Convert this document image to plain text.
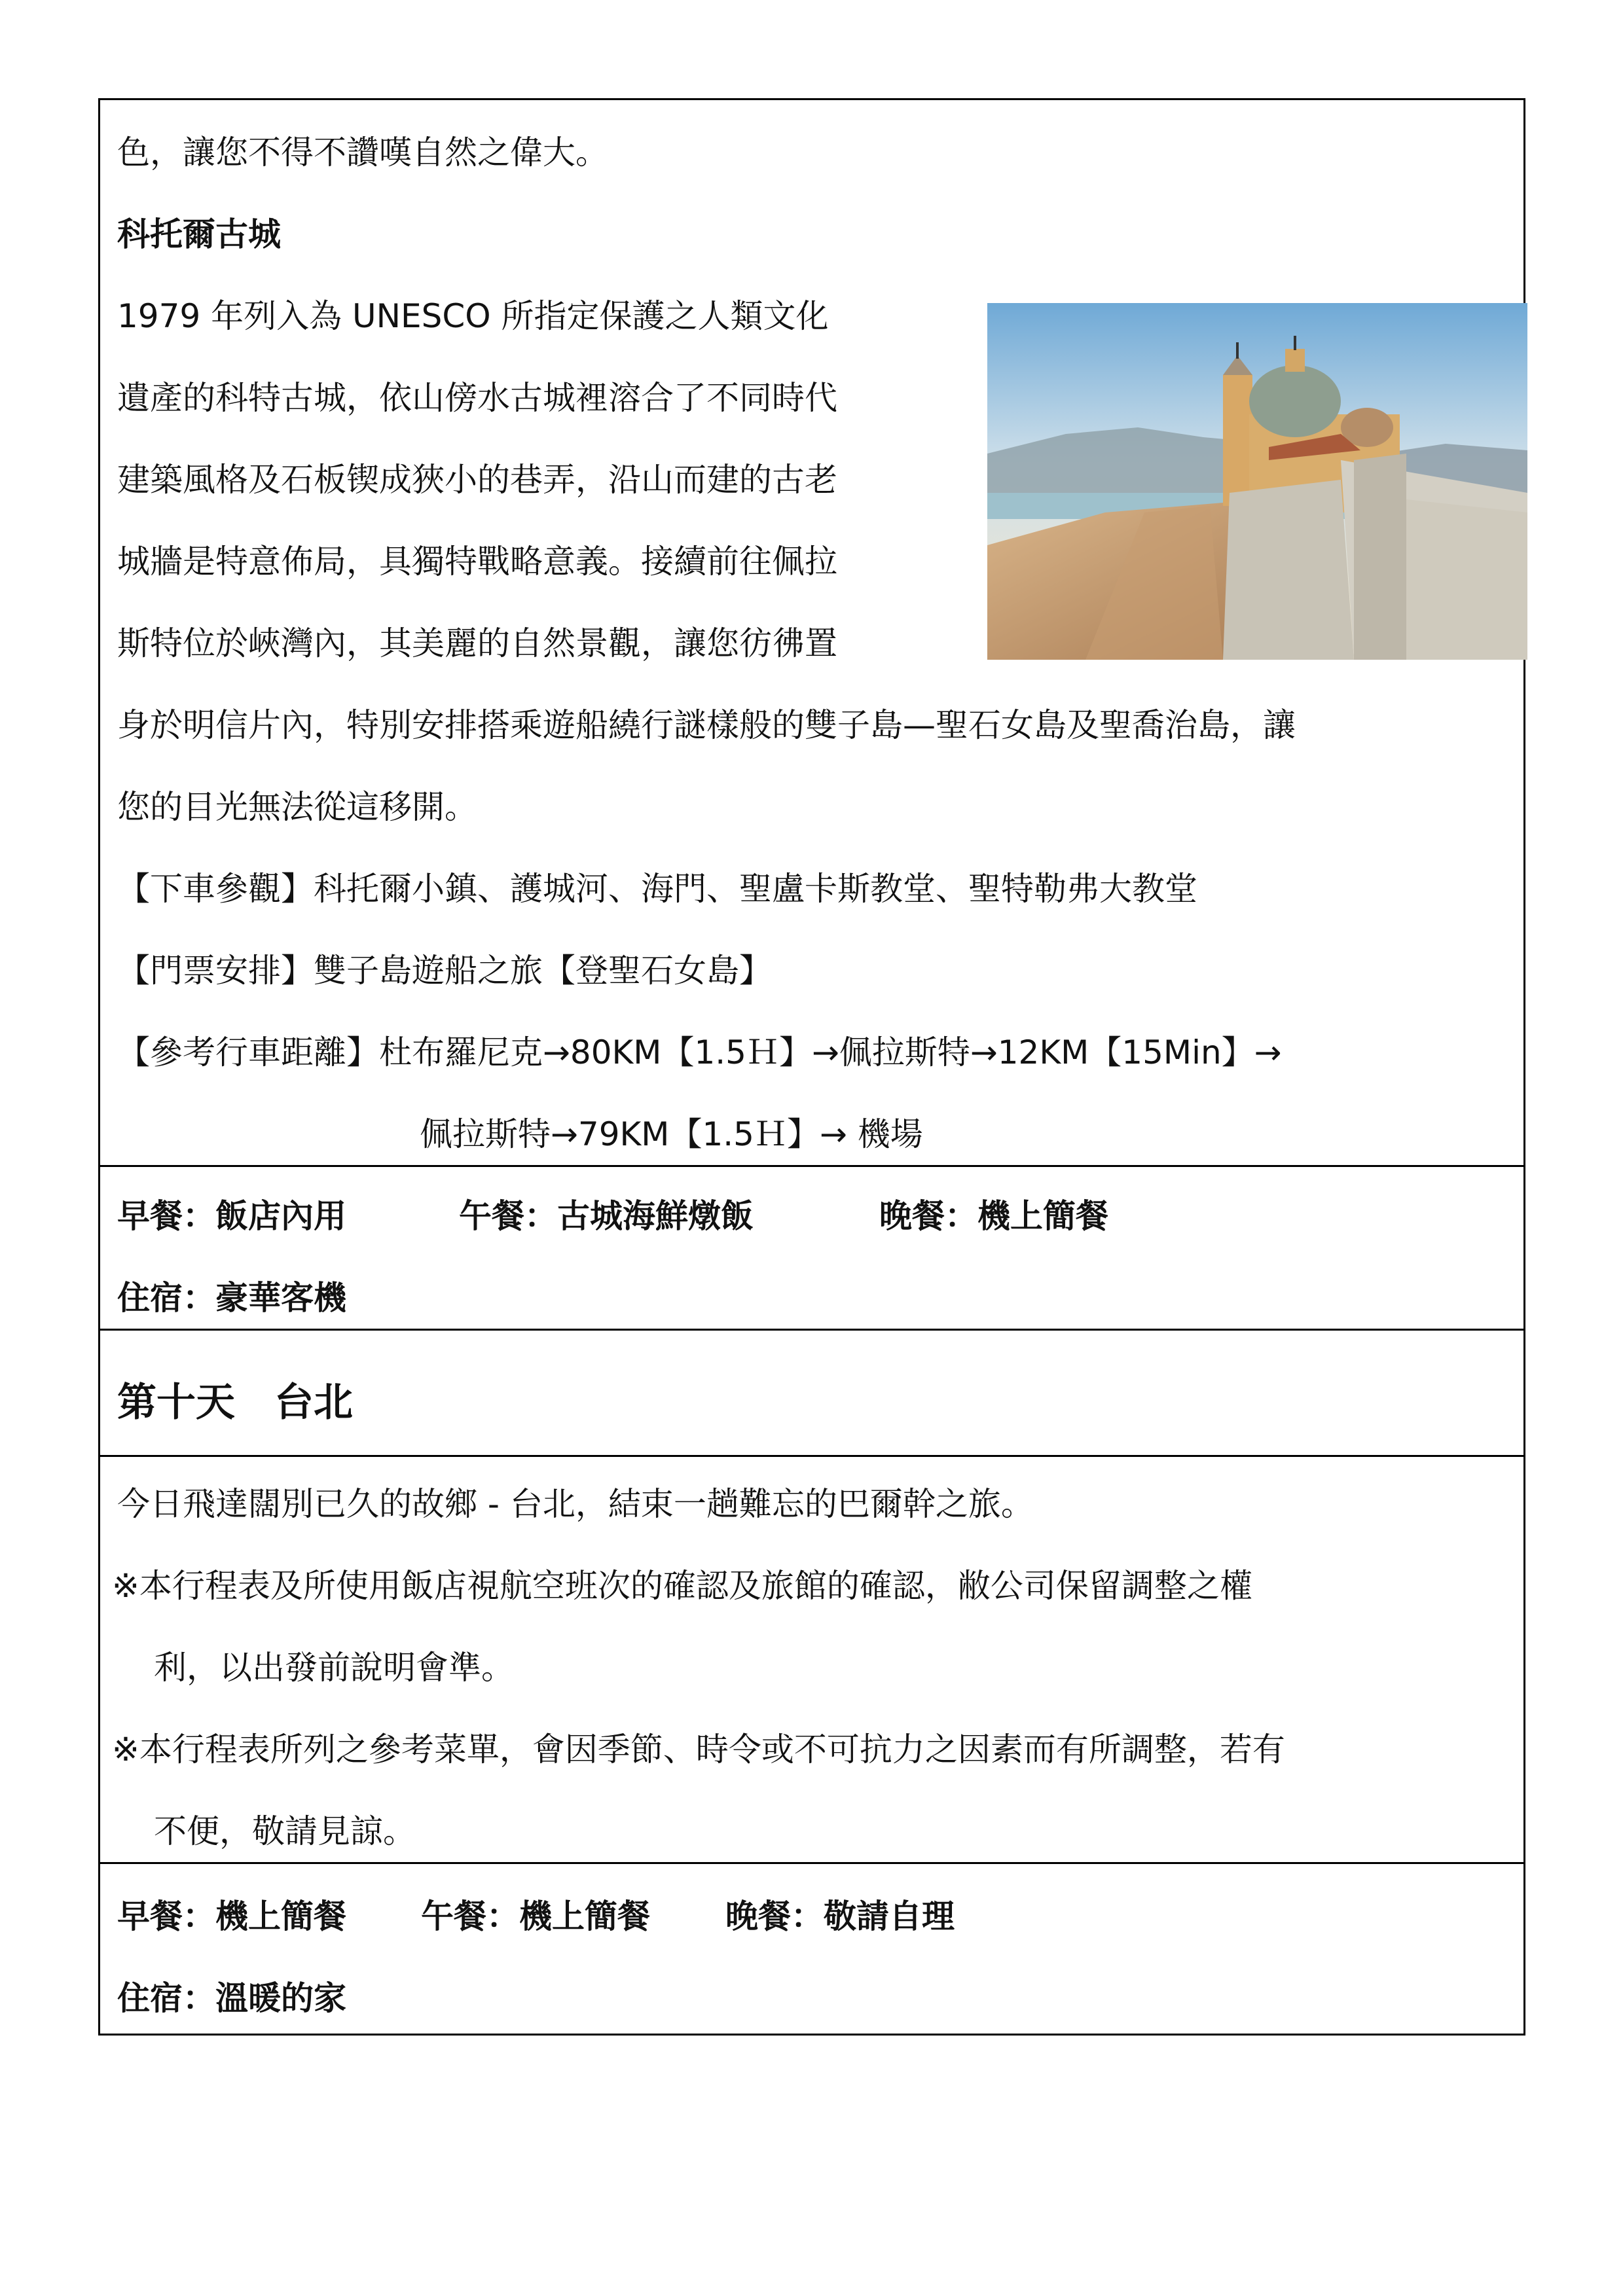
色，讓您不得不讚嘆自然之偉大。
科托爾古城
1979 年列入為 UNESCO 所指定保護之人類文化
遺產的科特古城，依山傍水古城裡溶合了不同時代
建築風格及石板锲成狹小的巷弄，沿山而建的古老
城牆是特意佈局，具獨特戰略意義。接續前往佩拉
斯特位於峽灣內，其美麗的自然景觀，讓您彷彿置
身於明信片內，特別安排搭乘遊船繞行謎樣般的雙子島—聖石女島及聖喬治島，讓
您的目光無法從這移開。
【下車參觀】科托爾小鎮、護城河、海門、聖盧卡斯教堂、聖特勒弗大教堂
【門票安排】雙子島遊船之旅【登聖石女島】
【參考行車距離】杜布羅尼克→80KM【1.5Ｈ】→佩拉斯特→12KM【15Min】→
佩拉斯特→79KM【1.5Ｈ】→ 機場
早餐：飯店內用	午餐：古城海鮮燉飯	晚餐：機上簡餐
住宿：豪華客機
第十天　台北
今日飛達闊別已久的故鄉 - 台北，結束一趟難忘的巴爾幹之旅。
※本行程表及所使用飯店視航空班次的確認及旅館的確認，敝公司保留調整之權
利，以出發前說明會準。
※本行程表所列之參考菜單，會因季節、時令或不可抗力之因素而有所調整，若有
不便，敬請見諒。
早餐：機上簡餐 午餐：機上簡餐 晚餐：敬請自理
住宿：溫暖的家
